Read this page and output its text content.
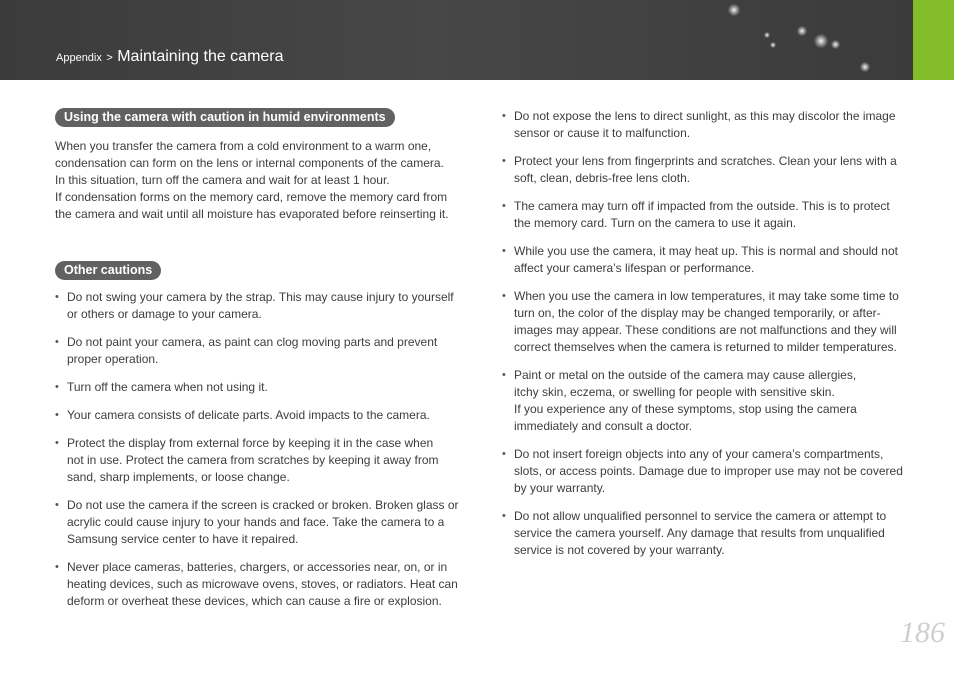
Appendix > Maintaining the camera
Using the camera with caution in humid environments

When you transfer the camera from a cold environment to a warm one,
condensation can form on the lens or internal components of the camera.
In this situation, turn off the camera and wait for at least 1 hour.
If condensation forms on the memory card, remove the memory card from
the camera and wait until all moisture has evaporated before reinserting it.

Other cautions
• Do not swing your camera by the strap. This may cause injury to yourself
or others or damage to your camera.
• Do not paint your camera, as paint can clog moving parts and prevent
proper operation.
• Turn off the camera when not using it.
• Your camera consists of delicate parts. Avoid impacts to the camera.
• Protect the display from external force by keeping it in the case when
not in use. Protect the camera from scratches by keeping it away from
sand, sharp implements, or loose change.
• Do not use the camera if the screen is cracked or broken. Broken glass or
acrylic could cause injury to your hands and face. Take the camera to a
Samsung service center to have it repaired.
• Never place cameras, batteries, chargers, or accessories near, on, or in
heating devices, such as microwave ovens, stoves, or radiators. Heat can
deform or overheat these devices, which can cause a fire or explosion.
• Do not expose the lens to direct sunlight, as this may discolor the image
sensor or cause it to malfunction.
• Protect your lens from fingerprints and scratches. Clean your lens with a
soft, clean, debris-free lens cloth.
• The camera may turn off if impacted from the outside. This is to protect
the memory card. Turn on the camera to use it again.
• While you use the camera, it may heat up. This is normal and should not
affect your camera’s lifespan or performance.
• When you use the camera in low temperatures, it may take some time to
turn on, the color of the display may be changed temporarily, or after-
images may appear. These conditions are not malfunctions and they will
correct themselves when the camera is returned to milder temperatures.
• Paint or metal on the outside of the camera may cause allergies,
itchy skin, eczema, or swelling for people with sensitive skin.
If you experience any of these symptoms, stop using the camera
immediately and consult a doctor.
• Do not insert foreign objects into any of your camera’s compartments,
slots, or access points. Damage due to improper use may not be covered
by your warranty.
• Do not allow unqualified personnel to service the camera or attempt to
service the camera yourself. Any damage that results from unqualified
service is not covered by your warranty.
186
